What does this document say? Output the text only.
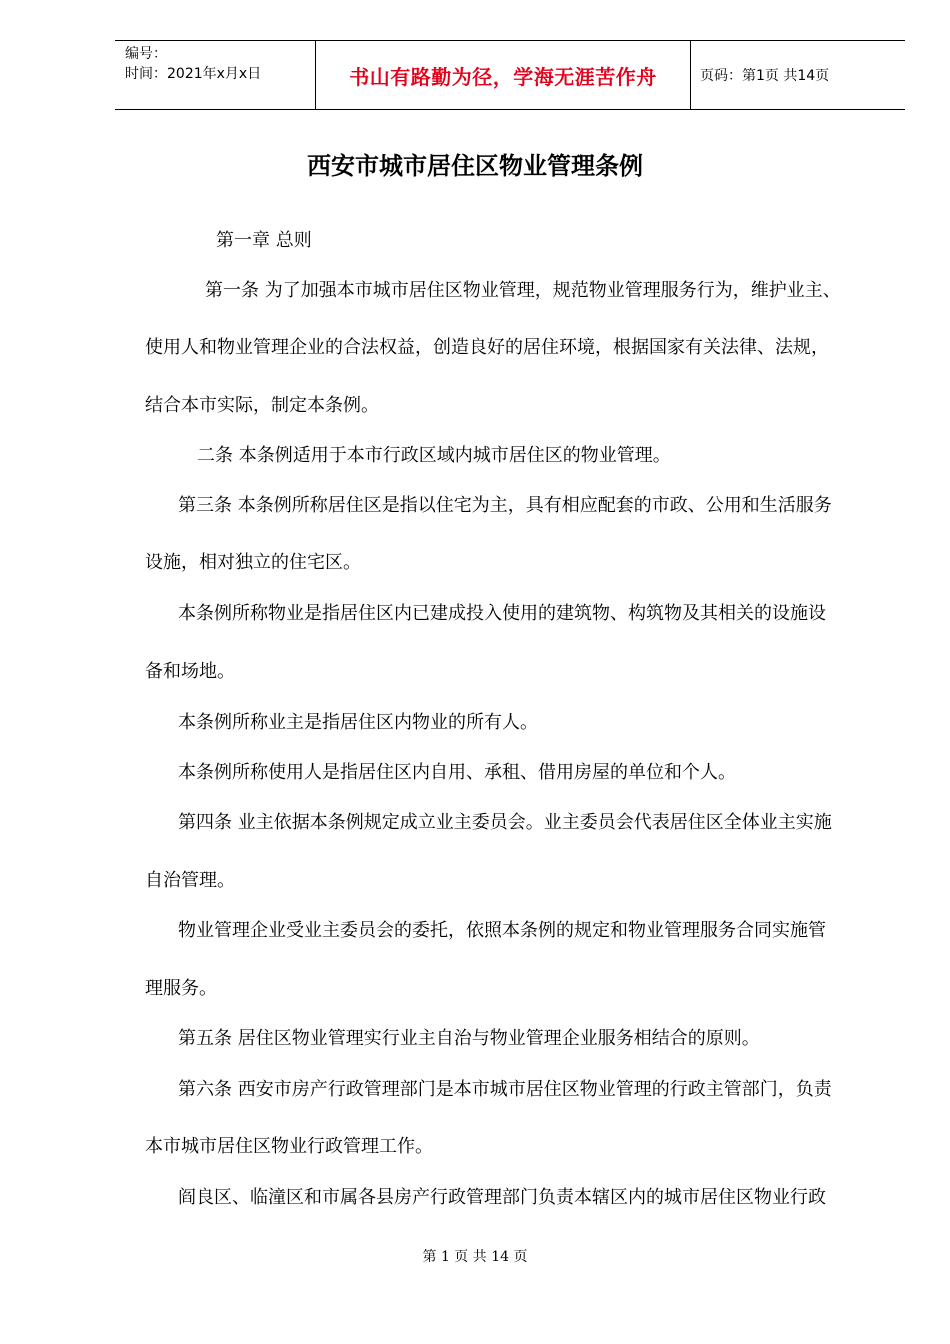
编号：
时间：2021年x月x日	书山有路勤为径，学海无涯苦作舟	页码：第1页 共14页
西安市城市居住区物业管理条例
第一章 总则
第一条 为了加强本市城市居住区物业管理，规范物业管理服务行为，维护业主、
使用人和物业管理企业的合法权益，创造良好的居住环境，根据国家有关法律、法规，
结合本市实际，制定本条例。
二条 本条例适用于本市行政区域内城市居住区的物业管理。
第三条 本条例所称居住区是指以住宅为主，具有相应配套的市政、公用和生活服务
设施，相对独立的住宅区。
本条例所称物业是指居住区内已建成投入使用的建筑物、构筑物及其相关的设施设
备和场地。
本条例所称业主是指居住区内物业的所有人。
本条例所称使用人是指居住区内自用、承租、借用房屋的单位和个人。
第四条 业主依据本条例规定成立业主委员会。业主委员会代表居住区全体业主实施
自治管理。
物业管理企业受业主委员会的委托，依照本条例的规定和物业管理服务合同实施管
理服务。
第五条 居住区物业管理实行业主自治与物业管理企业服务相结合的原则。
第六条 西安市房产行政管理部门是本市城市居住区物业管理的行政主管部门，负责
本市城市居住区物业行政管理工作。
阎良区、临潼区和市属各县房产行政管理部门负责本辖区内的城市居住区物业行政
第 1 页 共 14 页
